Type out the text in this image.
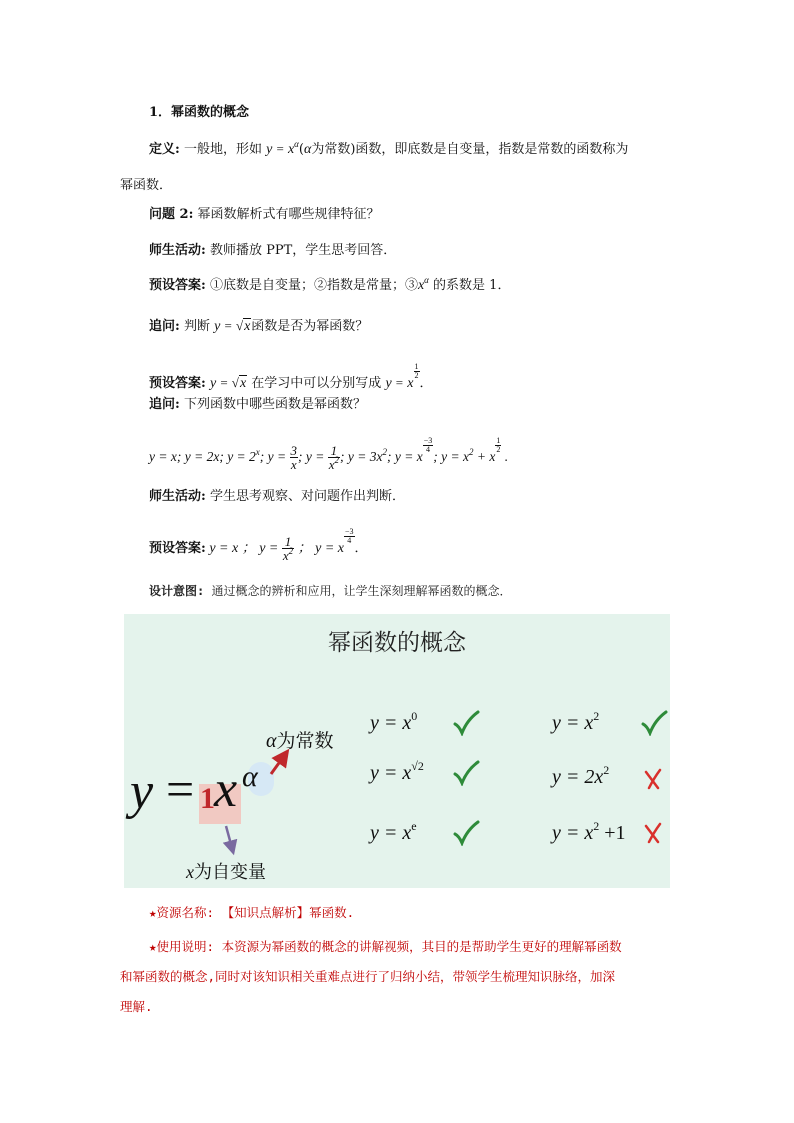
1．幂函数的概念
定义: 一般地，形如 $y = x^\alpha(\alpha$为常数)函数，即底数是自变量，指数是常数的函数称为
幂函数．
问题 2: 幂函数解析式有哪些规律特征？
师生活动: 教师播放 PPT，学生思考回答．
预设答案: ①底数是自变量；②指数是常量；$③x^\alpha$ 的系数是 1．
追问: 判断 y = √x函数是否为幂函数？
预设答案: y = √x 在学习中可以分别写成 y = x
$\frac{1}{2}$
．
追问: 下列函数中哪些函数是幂函数？
y = x; y = 2x; $y = 2^x$; $y = \frac{3}{x}$ ; $y = \frac{1}{x^2}$ ; $y = 3x^2$; y = x
$\frac{-3}{4}$
; $y = x^2 + x$
$\frac{1}{2}$
.
师生活动: 学生思考观察、对问题作出判断．
预设答案: y = x ； $y = \frac{1}{x^2}$ ； y = x
$\frac{-3}{4}$
．
设计意图: 通过概念的辨析和应用，让学生深刻理解幂函数的概念．
幂函数的概念
y = 1 x α
α为常数
x为自变量
$y = x^0$
$y = x^{√2}$
$y = x^e$
$y = x^2$
$y = 2x^2$
$y = x^2 +1$
★资源名称: 【知识点解析】幂函数.
★使用说明: 本资源为幂函数的概念的讲解视频，其目的是帮助学生更好的理解幂函数
和幂函数的概念,同时对该知识相关重难点进行了归纳小结，带领学生梳理知识脉络，加深
理解.
